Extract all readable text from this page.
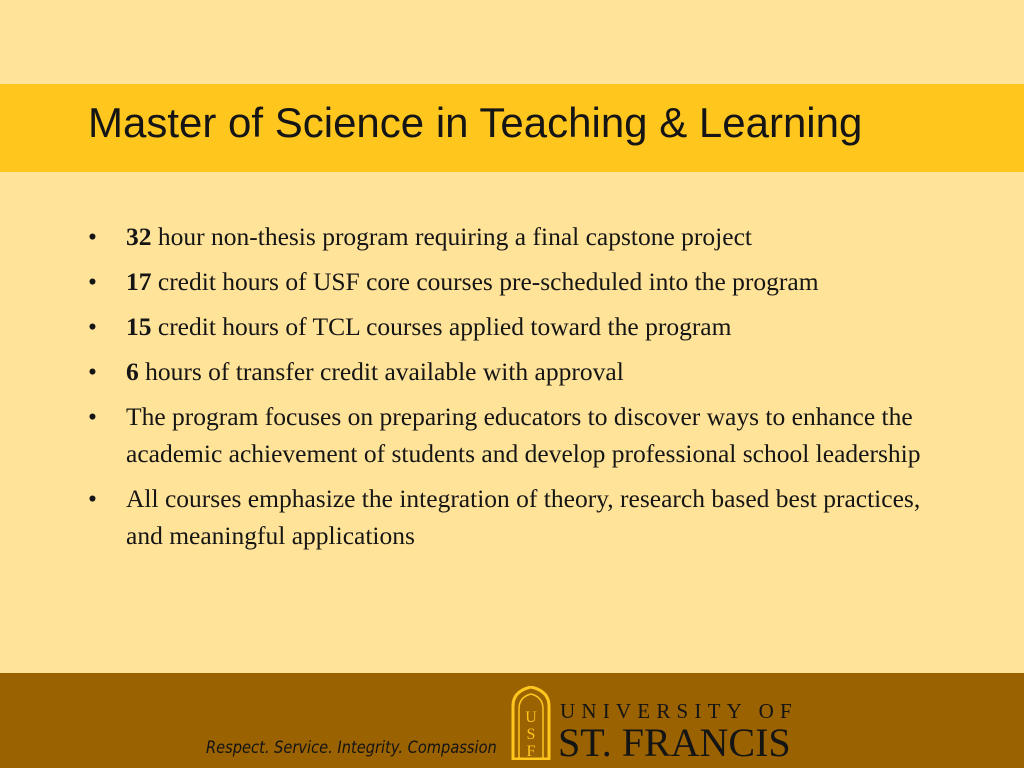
Master of Science in Teaching & Learning
• 32 hour non-thesis program requiring a final capstone project
• 17 credit hours of USF core courses pre-scheduled into the program
• 15 credit hours of TCL courses applied toward the program
• 6 hours of transfer credit available with approval
• The program focuses on preparing educators to discover ways to enhance the academic achievement of students and develop professional school leadership
• All courses emphasize the integration of theory, research based best practices, and meaningful applications
Respect. Service. Integrity. Compassion
U
S
F
UNIVERSITY OF
ST. FRANCIS
